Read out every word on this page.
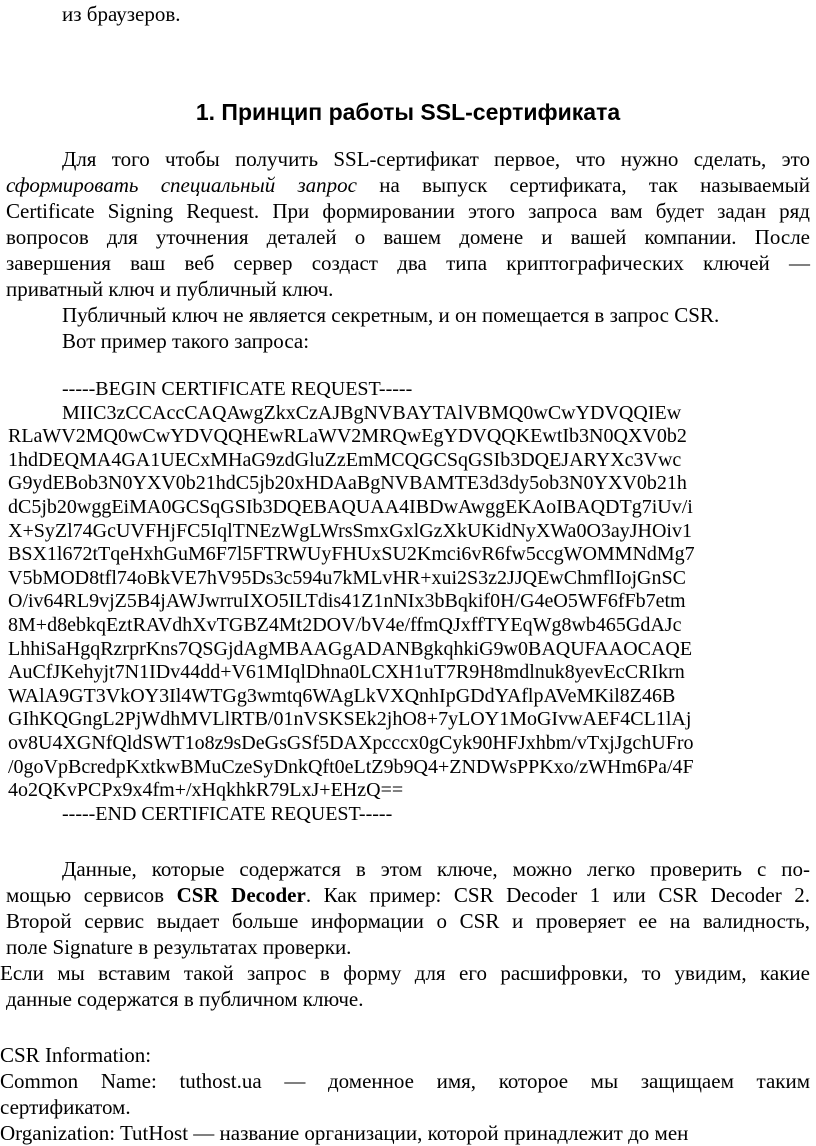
из браузеров.
1. Принцип работы SSL-сертификата
Для того чтобы получить SSL-сертификат первое, что нужно сделать, это
сформировать специальный запрос на выпуск сертификата, так называемый
Certificate Signing Request. При формировании этого запроса вам будет задан ряд
вопросов для уточнения деталей о вашем домене и вашей компании. После
завершения ваш веб сервер создаст два типа криптографических ключей —
приватный ключ и публичный ключ.
Публичный ключ не является секретным, и он помещается в запрос CSR.
Вот пример такого запроса:
-----BEGIN CERTIFICATE REQUEST-----
MIIC3zCCAccCAQAwgZkxCzAJBgNVBAYTAlVBMQ0wCwYDVQQIEw
RLaWV2MQ0wCwYDVQQHEwRLaWV2MRQwEgYDVQQKEwtIb3N0QXV0b2
1hdDEQMA4GA1UECxMHaG9zdGluZzEmMCQGCSqGSIb3DQEJARYXc3Vwc
G9ydEBob3N0YXV0b21hdC5jb20xHDAaBgNVBAMTE3d3dy5ob3N0YXV0b21h
dC5jb20wggEiMA0GCSqGSIb3DQEBAQUAA4IBDwAwggEKAoIBAQDTg7iUv/i
X+SyZl74GcUVFHjFC5IqlTNEzWgLWrsSmxGxlGzXkUKidNyXWa0O3ayJHOiv1
BSX1l672tTqeHxhGuM6F7l5FTRWUyFHUxSU2Kmci6vR6fw5ccgWOMMNdMg7
V5bMOD8tfl74oBkVE7hV95Ds3c594u7kMLvHR+xui2S3z2JJQEwChmflIojGnSC
O/iv64RL9vjZ5B4jAWJwrruIXO5ILTdis41Z1nNIx3bBqkif0H/G4eO5WF6fFb7etm
8M+d8ebkqEztRAVdhXvTGBZ4Mt2DOV/bV4e/ffmQJxffTYEqWg8wb465GdAJc
LhhiSaHgqRzrprKns7QSGjdAgMBAAGgADANBgkqhkiG9w0BAQUFAAOCAQE
AuCfJKehyjt7N1IDv44dd+V61MIqlDhna0LCXH1uT7R9H8mdlnuk8yevEcCRIkrn
WAlA9GT3VkOY3Il4WTGg3wmtq6WAgLkVXQnhIpGDdYAflpAVeMKil8Z46B
GIhKQGngL2PjWdhMVLlRTB/01nVSKSEk2jhO8+7yLOY1MoGIvwAEF4CL1lAj
ov8U4XGNfQldSWT1o8z9sDeGsGSf5DAXpcccx0gCyk90HFJxhbm/vTxjJgchUFro
/0goVpBcredpKxtkwBMuCzeSyDnkQft0eLtZ9b9Q4+ZNDWsPPKxo/zWHm6Pa/4F
4o2QKvPCPx9x4fm+/xHqkhkR79LxJ+EHzQ==
-----END CERTIFICATE REQUEST-----
Данные, которые содержатся в этом ключе, можно легко проверить с по-
мощью сервисов CSR Decoder. Как пример: CSR Decoder 1 или CSR Decoder 2.
Второй сервис выдает больше информации о CSR и проверяет ее на валидность,
поле Signature в результатах проверки.
Если мы вставим такой запрос в форму для его расшифровки, то увидим, какие
данные содержатся в публичном ключе.
CSR Information:
Common Name: tuthost.ua — доменное имя, которое мы защищаем таким
сертификатом.
Organization: TutHost — название организации, которой принадлежит до мен
